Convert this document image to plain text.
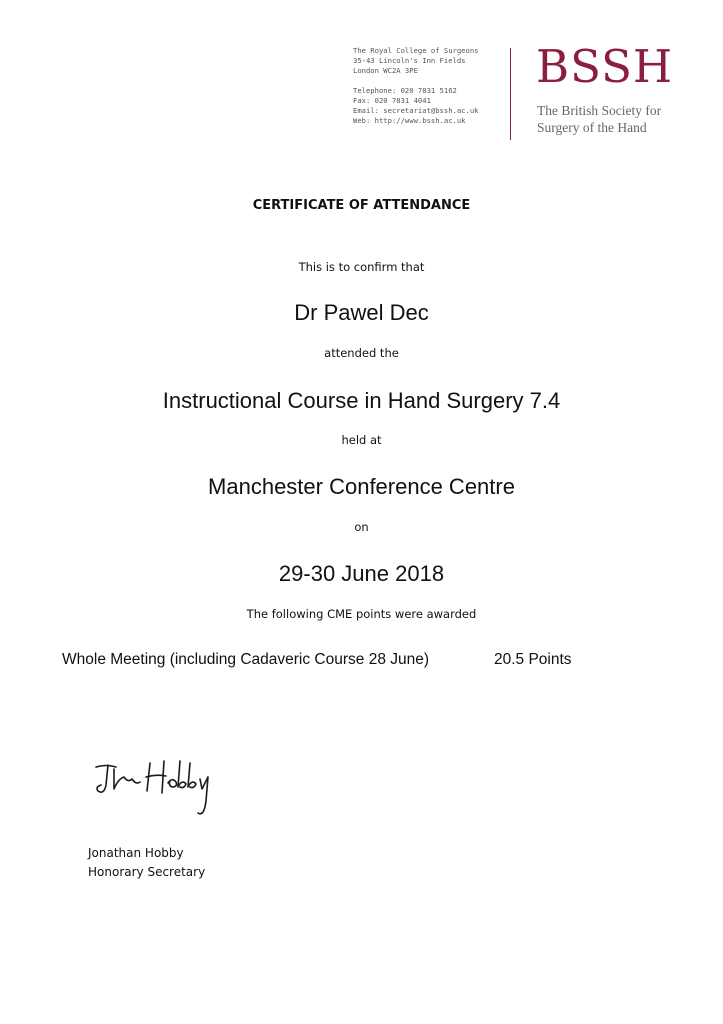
The Royal College of Surgeons
35-43 Lincoln's Inn Fields
London WC2A 3PE
Telephone: 020 7831 5162
Fax: 020 7831 4041
Email: secretariat@bssh.ac.uk
Web: http://www.bssh.ac.uk
BSSH
The British Society for
Surgery of the Hand
CERTIFICATE OF ATTENDANCE
This is to confirm that
Dr Pawel Dec
attended the
Instructional Course in Hand Surgery 7.4
held at
Manchester Conference Centre
on
29-30 June 2018
The following CME points were awarded
Whole Meeting (including Cadaveric Course 28 June)	20.5 Points
Jonathan Hobby
Honorary Secretary
